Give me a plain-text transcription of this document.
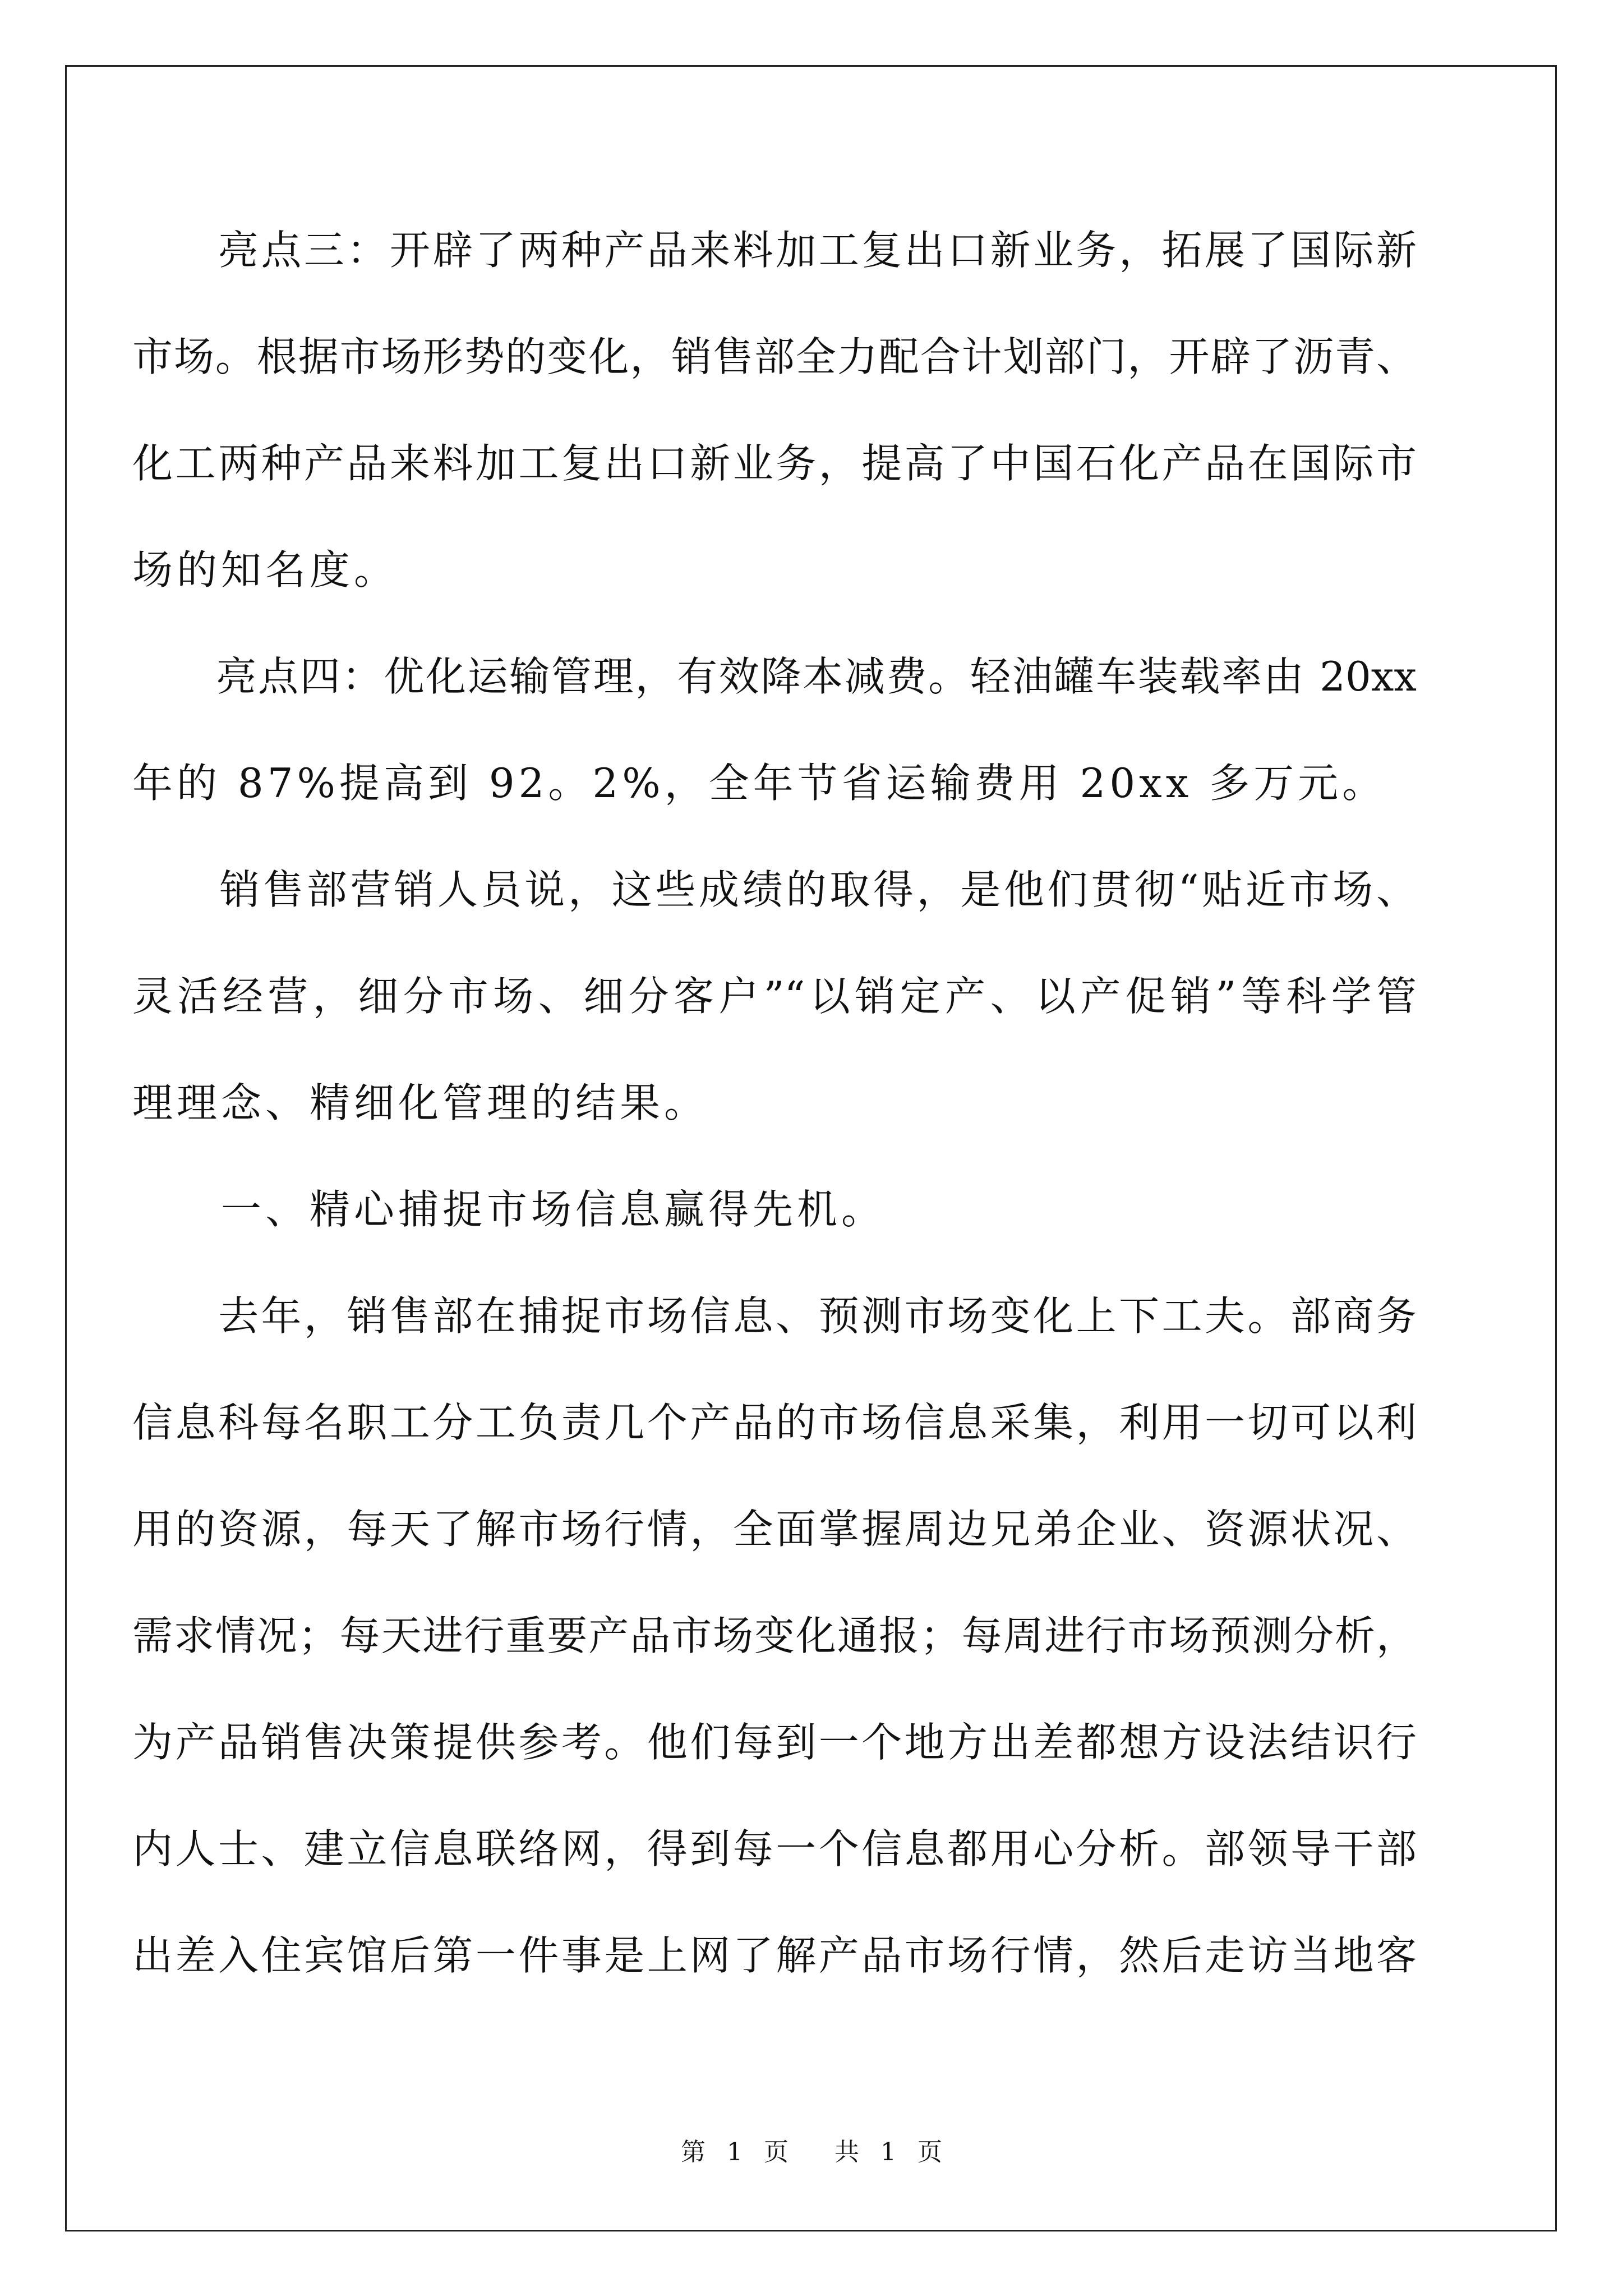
　　亮点三：开辟了两种产品来料加工复出口新业务，拓展了国际新
市场。根据市场形势的变化，销售部全力配合计划部门，开辟了沥青、
化工两种产品来料加工复出口新业务，提高了中国石化产品在国际市
场的知名度。
　　亮点四：优化运输管理，有效降本减费。轻油罐车装载率由 20xx
年的 87%提高到 92。2%，全年节省运输费用 20xx 多万元。
　　销售部营销人员说，这些成绩的取得，是他们贯彻“贴近市场、
灵活经营，细分市场、细分客户”“以销定产、以产促销”等科学管
理理念、精细化管理的结果。
　　一、精心捕捉市场信息赢得先机。
　　去年，销售部在捕捉市场信息、预测市场变化上下工夫。部商务
信息科每名职工分工负责几个产品的市场信息采集，利用一切可以利
用的资源，每天了解市场行情，全面掌握周边兄弟企业、资源状况、
需求情况；每天进行重要产品市场变化通报；每周进行市场预测分析，
为产品销售决策提供参考。他们每到一个地方出差都想方设法结识行
内人士、建立信息联络网，得到每一个信息都用心分析。部领导干部
出差入住宾馆后第一件事是上网了解产品市场行情，然后走访当地客
第 1 页　 共 1 页
